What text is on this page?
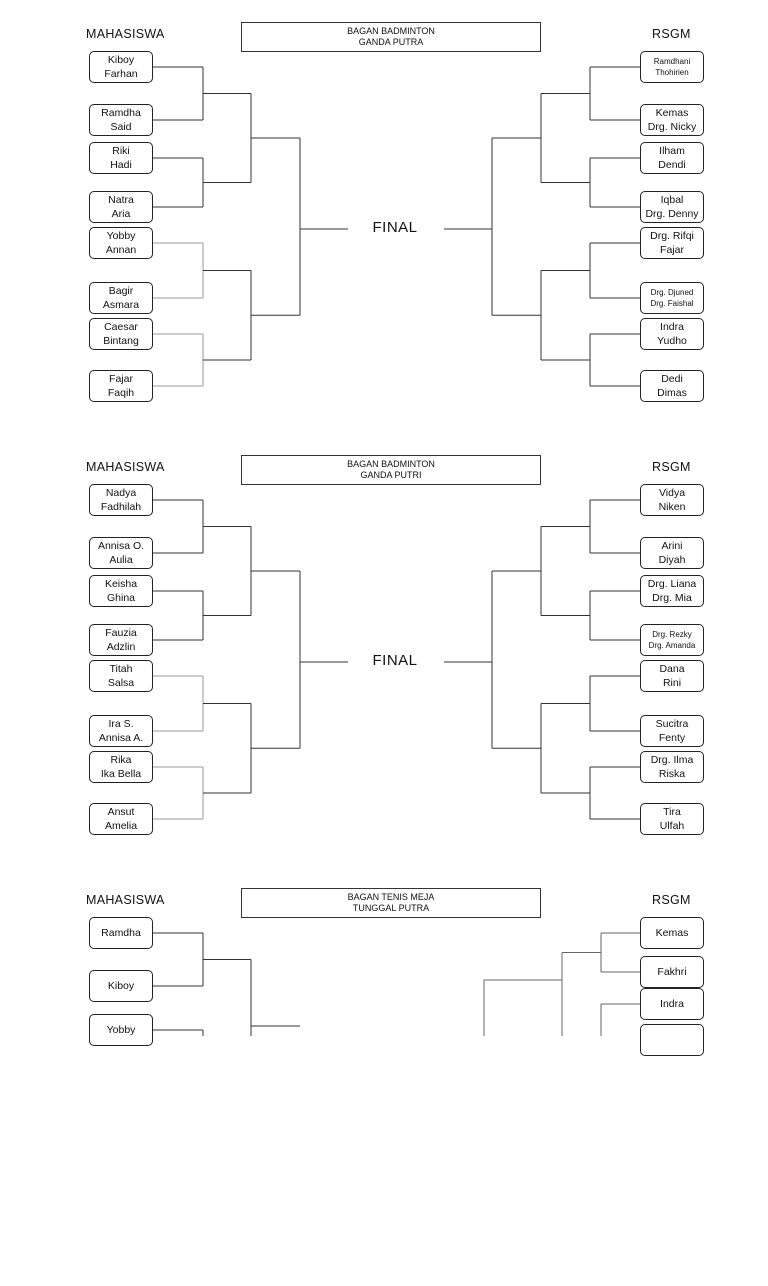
MAHASISWA	RSGM
BAGAN BADMINTON
GANDA PUTRA
FINAL
Kiboy
Farhan
Ramdha
Said
Riki
Hadi
Natra
Aria
Yobby
Annan
Bagir
Asmara
Caesar
Bintang
Fajar
Faqih
Ramdhani
Thohirien
Kemas
Drg. Nicky
Ilham
Dendi
Iqbal
Drg. Denny
Drg. Rifqi
Fajar
Drg. Djuned
Drg. Faishal
Indra
Yudho
Dedi
Dimas
MAHASISWA	RSGM
BAGAN BADMINTON
GANDA PUTRI
FINAL
Nadya
Fadhilah
Annisa O.
Aulia
Keisha
Ghina
Fauzia
Adzlin
Titah
Salsa
Ira S.
Annisa A.
Rika
Ika Bella
Ansut
Amelia
Vidya
Niken
Arini
Diyah
Drg. Liana
Drg. Mia
Drg. Rezky
Drg. Amanda
Dana
Rini
Sucitra
Fenty
Drg. Ilma
Riska
Tira
Ulfah
MAHASISWA	RSGM
BAGAN TENIS MEJA
TUNGGAL PUTRA
Ramdha
Kiboy
Yobby
Kemas
Fakhri
Indra
